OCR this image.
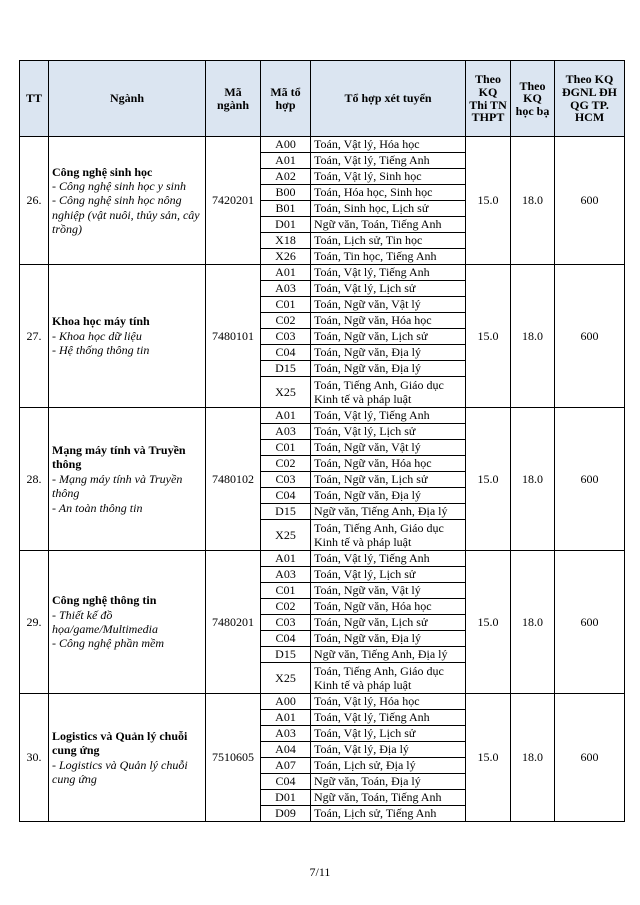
TT	Ngành	Mã ngành	Mã tổ hợp	Tổ hợp xét tuyển	Theo KQ Thi TN THPT	Theo KQ học bạ	Theo KQ ĐGNL ĐH QG TP. HCM
26.	Công nghệ sinh học
- Công nghệ sinh học y sinh
- Công nghệ sinh học nông nghiệp (vật nuôi, thủy sản, cây trồng)	7420201	A00	Toán, Vật lý, Hóa học	15.0	18.0	600
			A01	Toán, Vật lý, Tiếng Anh			
			A02	Toán, Vật lý, Sinh học			
			B00	Toán, Hóa học, Sinh học			
			B01	Toán, Sinh học, Lịch sử			
			D01	Ngữ văn, Toán, Tiếng Anh			
			X18	Toán, Lịch sử, Tin học			
			X26	Toán, Tin học, Tiếng Anh			
27.	Khoa học máy tính
- Khoa học dữ liệu
- Hệ thống thông tin	7480101	A01	Toán, Vật lý, Tiếng Anh	15.0	18.0	600
			A03	Toán, Vật lý, Lịch sử			
			C01	Toán, Ngữ văn, Vật lý			
			C02	Toán, Ngữ văn, Hóa học			
			C03	Toán, Ngữ văn, Lịch sử			
			C04	Toán, Ngữ văn, Địa lý			
			D15	Toán, Ngữ văn, Địa lý			
			X25	Toán, Tiếng Anh, Giáo dục Kinh tế và pháp luật			
28.	Mạng máy tính và Truyền thông
- Mạng máy tính và Truyền thông
- An toàn thông tin	7480102	A01	Toán, Vật lý, Tiếng Anh	15.0	18.0	600
			A03	Toán, Vật lý, Lịch sử			
			C01	Toán, Ngữ văn, Vật lý			
			C02	Toán, Ngữ văn, Hóa học			
			C03	Toán, Ngữ văn, Lịch sử			
			C04	Toán, Ngữ văn, Địa lý			
			D15	Ngữ văn, Tiếng Anh, Địa lý			
			X25	Toán, Tiếng Anh, Giáo dục Kinh tế và pháp luật			
29.	Công nghệ thông tin
- Thiết kế đồ họa/game/Multimedia
- Công nghệ phần mềm	7480201	A01	Toán, Vật lý, Tiếng Anh	15.0	18.0	600
			A03	Toán, Vật lý, Lịch sử			
			C01	Toán, Ngữ văn, Vật lý			
			C02	Toán, Ngữ văn, Hóa học			
			C03	Toán, Ngữ văn, Lịch sử			
			C04	Toán, Ngữ văn, Địa lý			
			D15	Ngữ văn, Tiếng Anh, Địa lý			
			X25	Toán, Tiếng Anh, Giáo dục Kinh tế và pháp luật			
30.	Logistics và Quản lý chuỗi cung ứng
- Logistics và Quản lý chuỗi cung ứng	7510605	A00	Toán, Vật lý, Hóa học	15.0	18.0	600
			A01	Toán, Vật lý, Tiếng Anh			
			A03	Toán, Vật lý, Lịch sử			
			A04	Toán, Vật lý, Địa lý			
			A07	Toán, Lịch sử, Địa lý			
			C04	Ngữ văn, Toán, Địa lý			
			D01	Ngữ văn, Toán, Tiếng Anh			
			D09	Toán, Lịch sử, Tiếng Anh			
7/11
